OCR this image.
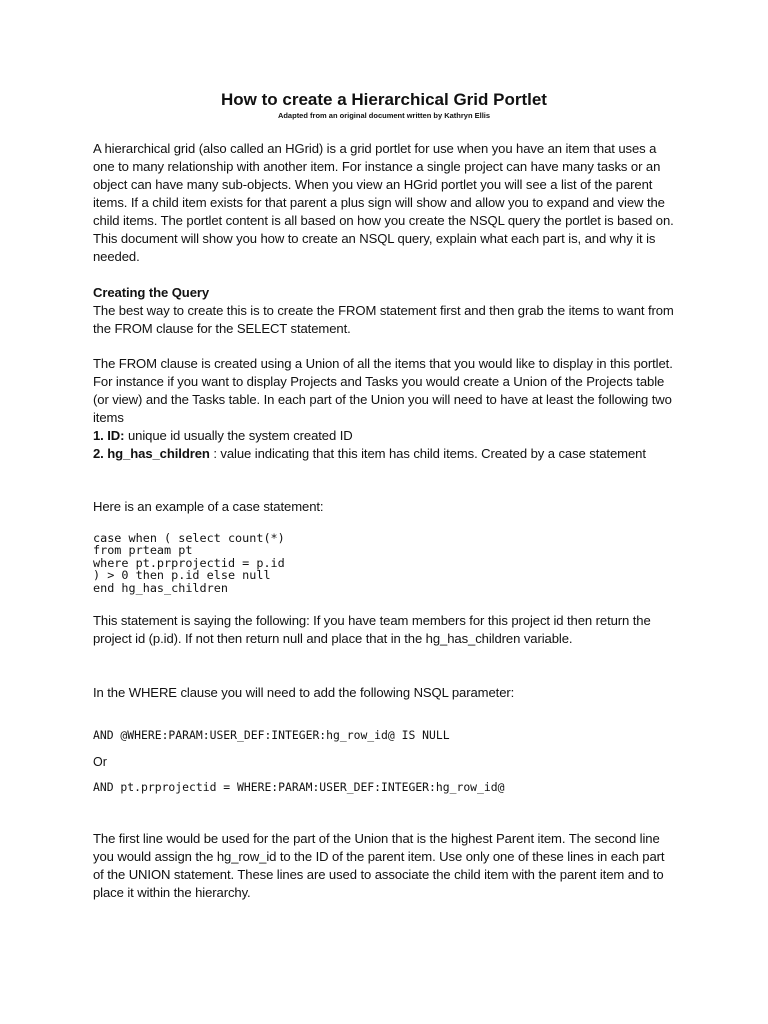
How to create a Hierarchical Grid Portlet

Adapted from an original document written by Kathryn Ellis

A hierarchical grid (also called an HGrid) is a grid portlet for use when you have an item that uses a one to many relationship with another item. For instance a single project can have many tasks or an object can have many sub-objects. When you view an HGrid portlet you will see a list of the parent items. If a child item exists for that parent a plus sign will show and allow you to expand and view the child items. The portlet content is all based on how you create the NSQL query the portlet is based on. This document will show you how to create an NSQL query, explain what each part is, and why it is needed.

Creating the Query
The best way to create this is to create the FROM statement first and then grab the items to want from the FROM clause for the SELECT statement.

The FROM clause is created using a Union of all the items that you would like to display in this portlet. For instance if you want to display Projects and Tasks you would create a Union of the Projects table (or view) and the Tasks table. In each part of the Union you will need to have at least the following two items

1. ID: unique id usually the system created ID
2. hg_has_children : value indicating that this item has child items. Created by a case statement

Here is an example of a case statement:

case when ( select count(*)
from prteam pt
where pt.prprojectid = p.id
) > 0 then p.id else null
end hg_has_children

This statement is saying the following: If you have team members for this project id then return the project id (p.id). If not then return null and place that in the hg_has_children variable.

In the WHERE clause you will need to add the following NSQL parameter:

AND @WHERE:PARAM:USER_DEF:INTEGER:hg_row_id@ IS NULL

Or

AND pt.prprojectid = WHERE:PARAM:USER_DEF:INTEGER:hg_row_id@

The first line would be used for the part of the Union that is the highest Parent item. The second line you would assign the hg_row_id to the ID of the parent item. Use only one of these lines in each part of the UNION statement. These lines are used to associate the child item with the parent item and to place it within the hierarchy.
